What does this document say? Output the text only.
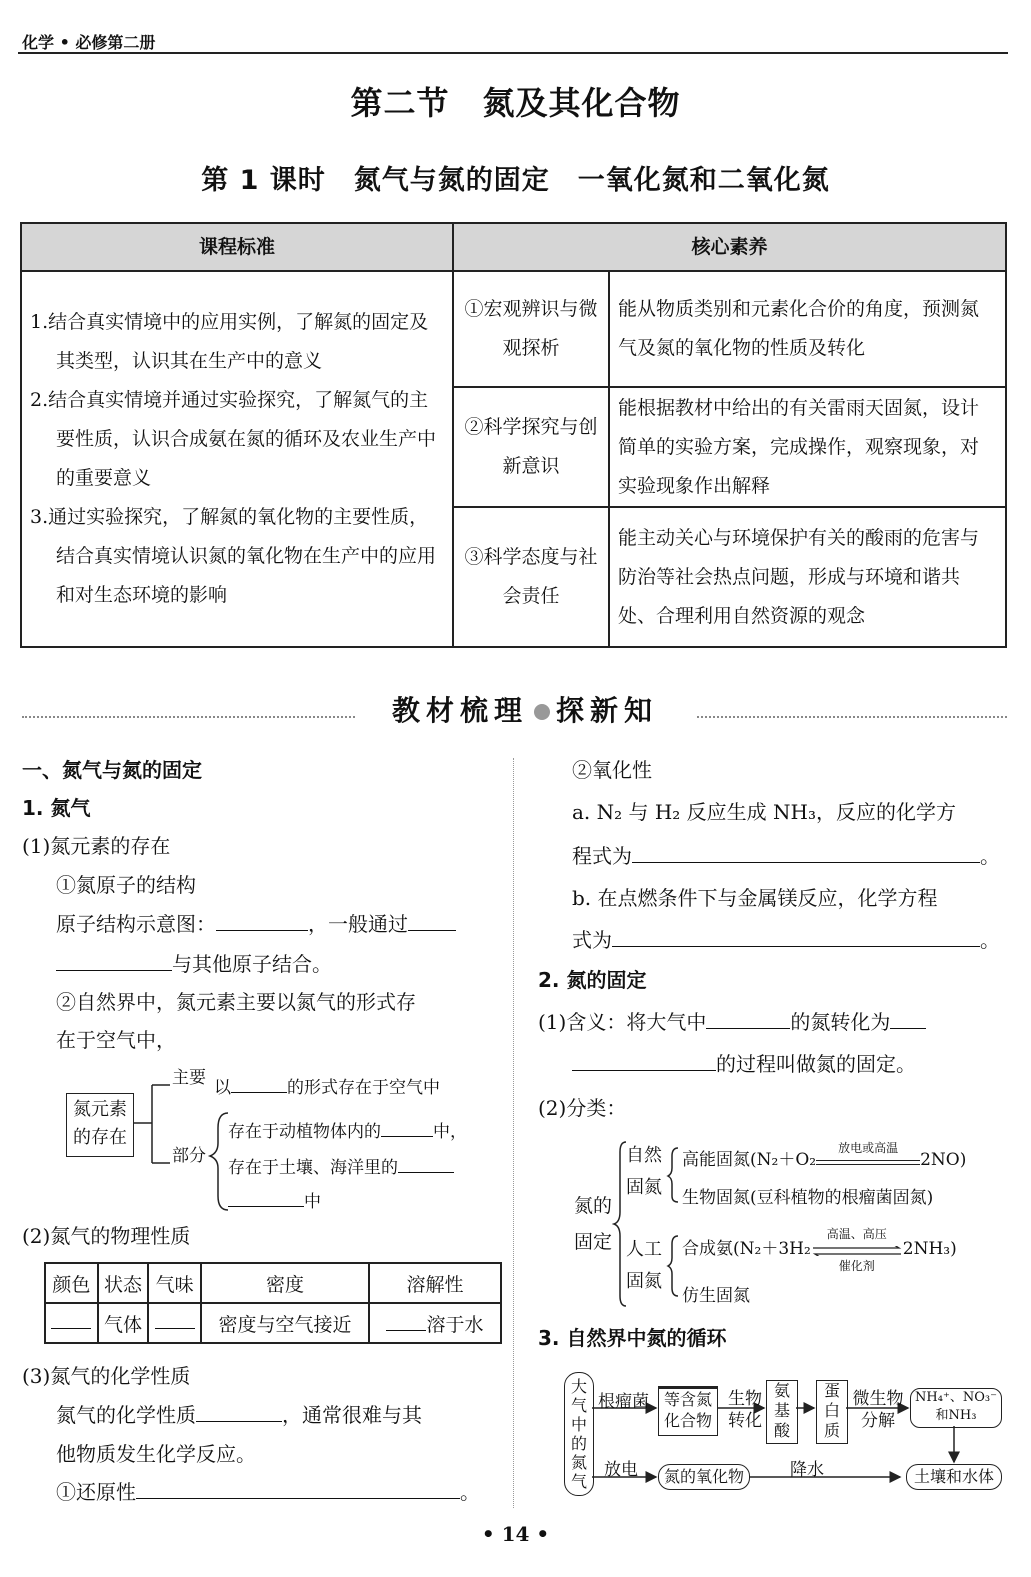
化学 • 必修第二册
第二节　氮及其化合物
第 1 课时　氮气与氮的固定　一氧化氮和二氧化氮
课程标准	核心素养	

1.结合真实情境中的应用实例，了解氮的固定及其类型，认识其在生产中的意义
2.结合真实情境并通过实验探究，了解氮气的主要性质，认识合成氨在氮的循环及农业生产中的重要意义
3.通过实验探究，了解氮的氧化物的主要性质，结合真实情境认识氮的氧化物在生产中的应用和对生态环境的影响	①宏观辨识与微观探析	能从物质类别和元素化合价的角度，预测氮气及氮的氧化物的性质及转化
	②科学探究与创新意识	能根据教材中给出的有关雷雨天固氮，设计简单的实验方案，完成操作，观察现象，对实验现象作出解释
	③科学态度与社会责任	能主动关心与环境保护有关的酸雨的危害与防治等社会热点问题，形成与环境和谐共处、合理利用自然资源的观念
教材梳理 探新知
一、氮气与氮的固定
1. 氮气
(1)氮元素的存在
①氮原子的结构
原子结构示意图：	，一般通过
与其他原子结合。
②自然界中，氮元素主要以氮气的形式存
在于空气中，
氮元素的存在
主要 以	的形式存在于空气中
部分
存在于动植物体内的	中，
存在于土壤、海洋里的
中
(2)氮气的物理性质
颜色	状态	气味	密度	溶解性
	气体		密度与空气接近	溶于水
(3)氮气的化学性质
氮气的化学性质	，通常很难与其
他物质发生化学反应。
①还原性	。
②氧化性
a. N₂ 与 H₂ 反应生成 NH₃，反应的化学方
程式为	。
b. 在点燃条件下与金属镁反应，化学方程
式为	。
2. 氮的固定
(1)含义：将大气中	的氮转化为
的过程叫做氮的固定。
(2)分类：
氮的固定
自然固氮
人工固氮
高能固氮(N₂＋O₂
放电或高温
2NO)
生物固氮(豆科植物的根瘤菌固氮)
合成氨(N₂＋3H₂
高温、高压
催化剂
2NH₃)
仿生固氮
3. 自然界中氮的循环
大气中的氮气
根瘤菌 等含氮化合物
生物转化
氨基酸
蛋白质
微生物分解
NH₄⁺、NO₃⁻和NH₃
放电	氮的氧化物	降水	土壤和水体
• 14 •
